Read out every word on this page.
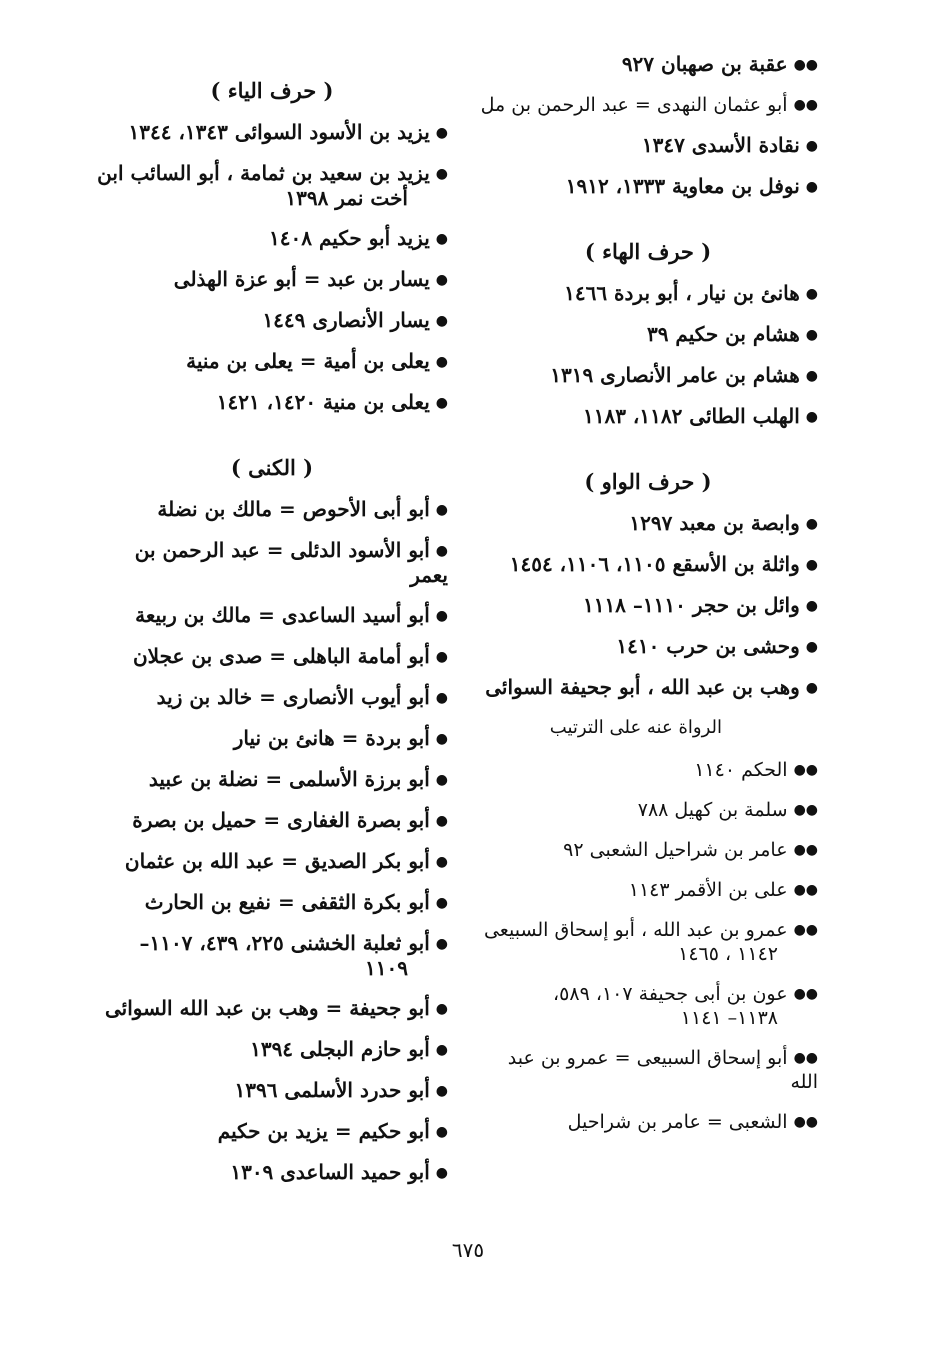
●●عقبة بن صهبان ٩٢٧
●●أبو عثمان النهدى = عبد الرحمن بن مل
●نقادة الأسدى ١٣٤٧
●نوفل بن معاوية ١٣٣٣، ١٩١٢
( حرف الهاء )
●هانئ بن نيار ، أبو بردة ١٤٦٦
●هشام بن حكيم ٣٩
●هشام بن عامر الأنصارى ١٣١٩
●الهلب الطائى ١١٨٢، ١١٨٣
( حرف الواو )
●وابصة بن معبد ١٢٩٧
●واثلة بن الأسقع ١١٠٥، ١١٠٦، ١٤٥٤
●وائل بن حجر ١١١٠– ١١١٨
●وحشى بن حرب ١٤١٠
●وهب بن عبد الله ، أبو جحيفة السوائى
الرواة عنه على الترتيب
●●الحكم ١١٤٠
●●سلمة بن كهيل ٧٨٨
●●عامر بن شراحيل الشعبى ٩٢
●●على بن الأقمر ١١٤٣
●●عمرو بن عبد الله ، أبو إسحاق السبيعى
١١٤٢ ، ١٤٦٥
●●عون بن أبى جحيفة ١٠٧، ٥٨٩،
١١٣٨– ١١٤١
●●أبو إسحاق السبيعى = عمرو بن عبد الله
●●الشعبى = عامر بن شراحيل
( حرف الياء )
●يزيد بن الأسود السوائى ١٣٤٣، ١٣٤٤
●يزيد بن سعيد بن ثمامة ، أبو السائب ابن
أخت نمر ١٣٩٨
●يزيد أبو حكيم ١٤٠٨
●يسار بن عبد = أبو عزة الهذلى
●يسار الأنصارى ١٤٤٩
●يعلى بن أمية = يعلى بن منية
●يعلى بن منية ١٤٢٠، ١٤٢١
( الكنى )
●أبو أبى الأحوص = مالك بن نضلة
●أبو الأسود الدئلى = عبد الرحمن بن يعمر
●أبو أسيد الساعدى = مالك بن ربيعة
●أبو أمامة الباهلى = صدى بن عجلان
●أبو أيوب الأنصارى = خالد بن زيد
●أبو بردة = هانئ بن نيار
●أبو برزة الأسلمى = نضلة بن عبيد
●أبو بصرة الغفارى = حميل بن بصرة
●أبو بكر الصديق = عبد الله بن عثمان
●أبو بكرة الثقفى = نفيع بن الحارث
●أبو ثعلبة الخشنى ٢٢٥، ٤٣٩، ١١٠٧–
١١٠٩
●أبو جحيفة = وهب بن عبد الله السوائى
●أبو حازم البجلى ١٣٩٤
●أبو حدرد الأسلمى ١٣٩٦
●أبو حكيم = يزيد بن حكيم
●أبو حميد الساعدى ١٣٠٩
٦٧٥
